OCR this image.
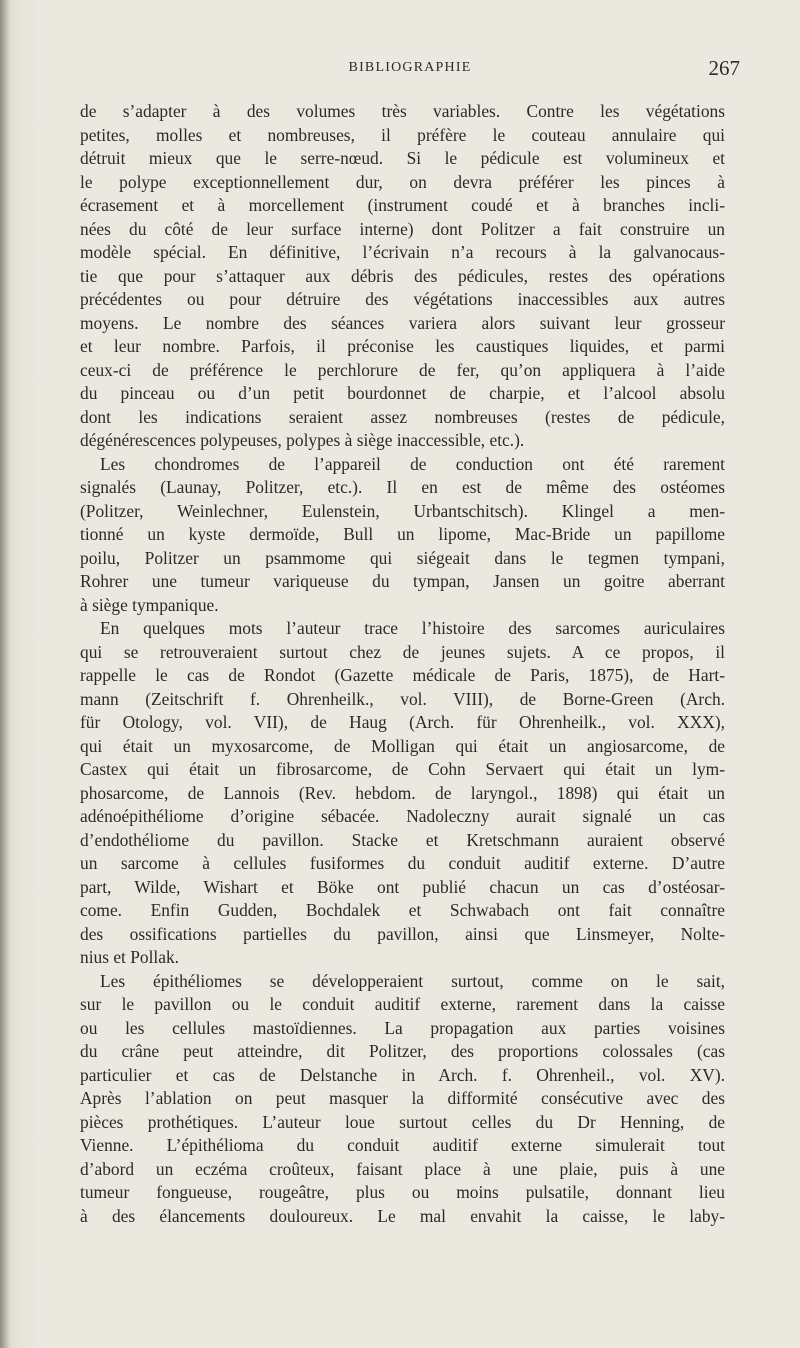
BIBLIOGRAPHIE	267
de s’adapter à des volumes très variables. Contre les végétations
petites, molles et nombreuses, il préfère le couteau annulaire qui
détruit mieux que le serre-nœud. Si le pédicule est volumineux et
le polype exceptionnellement dur, on devra préférer les pinces à
écrasement et à morcellement (instrument coudé et à branches incli-
nées du côté de leur surface interne) dont Politzer a fait construire un
modèle spécial. En définitive, l’écrivain n’a recours à la galvanocaus-
tie que pour s’attaquer aux débris des pédicules, restes des opérations
précédentes ou pour détruire des végétations inaccessibles aux autres
moyens. Le nombre des séances variera alors suivant leur grosseur
et leur nombre. Parfois, il préconise les caustiques liquides, et parmi
ceux-ci de préférence le perchlorure de fer, qu’on appliquera à l’aide
du pinceau ou d’un petit bourdonnet de charpie, et l’alcool absolu
dont les indications seraient assez nombreuses (restes de pédicule,
dégénérescences polypeuses, polypes à siège inaccessible, etc.).
Les chondromes de l’appareil de conduction ont été rarement
signalés (Launay, Politzer, etc.). Il en est de même des ostéomes
(Politzer, Weinlechner, Eulenstein, Urbantschitsch). Klingel a men-
tionné un kyste dermoïde, Bull un lipome, Mac-Bride un papillome
poilu, Politzer un psammome qui siégeait dans le tegmen tympani,
Rohrer une tumeur variqueuse du tympan, Jansen un goitre aberrant
à siège tympanique.
En quelques mots l’auteur trace l’histoire des sarcomes auriculaires
qui se retrouveraient surtout chez de jeunes sujets. A ce propos, il
rappelle le cas de Rondot (Gazette médicale de Paris, 1875), de Hart-
mann (Zeitschrift f. Ohrenheilk., vol. VIII), de Borne-Green (Arch.
für Otology, vol. VII), de Haug (Arch. für Ohrenheilk., vol. XXX),
qui était un myxosarcome, de Molligan qui était un angiosarcome, de
Castex qui était un fibrosarcome, de Cohn Servaert qui était un lym-
phosarcome, de Lannois (Rev. hebdom. de laryngol., 1898) qui était un
adénoépithéliome d’origine sébacée. Nadoleczny aurait signalé un cas
d’endothéliome du pavillon. Stacke et Kretschmann auraient observé
un sarcome à cellules fusiformes du conduit auditif externe. D’autre
part, Wilde, Wishart et Böke ont publié chacun un cas d’ostéosar-
come. Enfin Gudden, Bochdalek et Schwabach ont fait connaître
des ossifications partielles du pavillon, ainsi que Linsmeyer, Nolte-
nius et Pollak.
Les épithéliomes se développeraient surtout, comme on le sait,
sur le pavillon ou le conduit auditif externe, rarement dans la caisse
ou les cellules mastoïdiennes. La propagation aux parties voisines
du crâne peut atteindre, dit Politzer, des proportions colossales (cas
particulier et cas de Delstanche in Arch. f. Ohrenheil., vol. XV).
Après l’ablation on peut masquer la difformité consécutive avec des
pièces prothétiques. L’auteur loue surtout celles du Dr Henning, de
Vienne. L’épithélioma du conduit auditif externe simulerait tout
d’abord un eczéma croûteux, faisant place à une plaie, puis à une
tumeur fongueuse, rougeâtre, plus ou moins pulsatile, donnant lieu
à des élancements douloureux. Le mal envahit la caisse, le laby-
